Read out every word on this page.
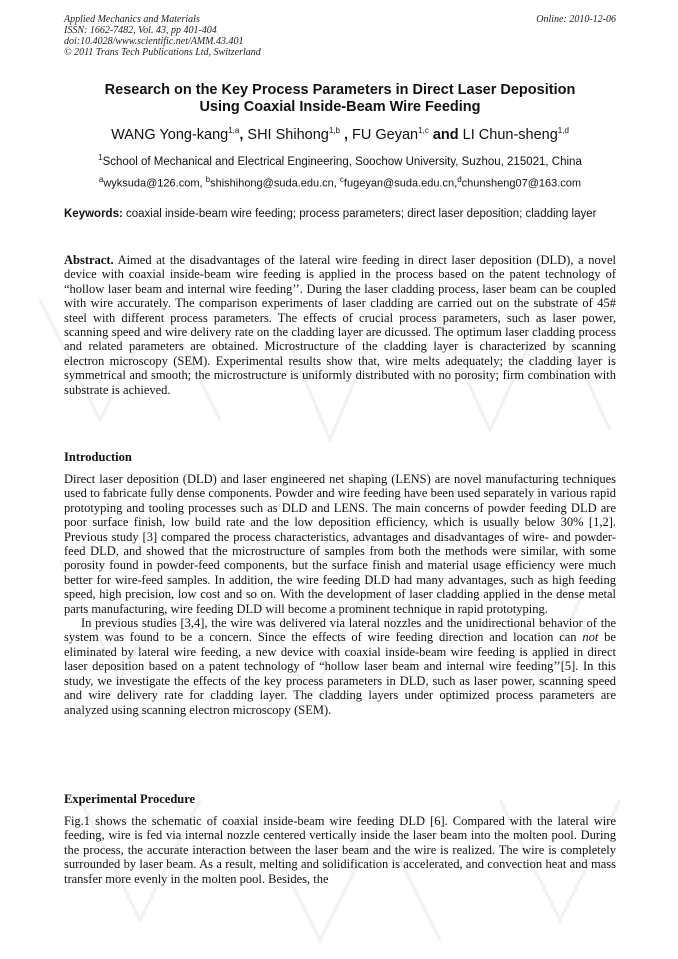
Applied Mechanics and Materials
ISSN: 1662-7482, Vol. 43, pp 401-404
doi:10.4028/www.scientific.net/AMM.43.401
© 2011 Trans Tech Publications Ltd, Switzerland
Online: 2010-12-06
Research on the Key Process Parameters in Direct Laser Deposition
Using Coaxial Inside-Beam Wire Feeding
WANG Yong-kang$^{1,a}$, SHI Shihong$^{1,b}$ , FU Geyan$^{1,c}$ and LI Chun-sheng$^{1,d}$
$^1$School of Mechanical and Electrical Engineering, Soochow University, Suzhou, 215021, China
$^a$wyksuda@126.com, $^b$shishihong@suda.edu.cn, $^c$fugeyan@suda.edu.cn,$^d$chunsheng07@163.com
Keywords: coaxial inside-beam wire feeding; process parameters; direct laser deposition; cladding layer
Abstract. Aimed at the disadvantages of the lateral wire feeding in direct laser deposition (DLD), a novel device with coaxial inside-beam wire feeding is applied in the process based on the patent technology of “hollow laser beam and internal wire feeding’’. During the laser cladding process, laser beam can be coupled with wire accurately. The comparison experiments of laser cladding are carried out on the substrate of 45# steel with different process parameters. The effects of crucial process parameters, such as laser power, scanning speed and wire delivery rate on the cladding layer are dicussed. The optimum laser cladding process and related parameters are obtained. Microstructure of the cladding layer is characterized by scanning electron microscopy (SEM). Experimental results show that, wire melts adequately; the cladding layer is symmetrical and smooth; the microstructure is uniformly distributed with no porosity; firm combination with substrate is achieved.
Introduction

Direct laser deposition (DLD) and laser engineered net shaping (LENS) are novel manufacturing techniques used to fabricate fully dense components. Powder and wire feeding have been used separately in various rapid prototyping and tooling processes such as DLD and LENS. The main concerns of powder feeding DLD are poor surface finish, low build rate and the low deposition efficiency, which is usually below 30% [1,2]. Previous study [3] compared the process characteristics, advantages and disadvantages of wire- and powder-feed DLD, and showed that the microstructure of samples from both the methods were similar, with some porosity found in powder-feed components, but the surface finish and material usage efficiency were much better for wire-feed samples. In addition, the wire feeding DLD had many advantages, such as high feeding speed, high precision, low cost and so on. With the development of laser cladding applied in the dense metal parts manufacturing, wire feeding DLD will become a prominent technique in rapid prototyping.

In previous studies [3,4], the wire was delivered via lateral nozzles and the unidirectional behavior of the system was found to be a concern. Since the effects of wire feeding direction and location can not be eliminated by lateral wire feeding, a new device with coaxial inside-beam wire feeding is applied in direct laser deposition based on a patent technology of “hollow laser beam and internal wire feeding’’[5]. In this study, we investigate the effects of the key process parameters in DLD, such as laser power, scanning speed and wire delivery rate for cladding layer. The cladding layers under optimized process parameters are analyzed using scanning electron microscopy (SEM).

Experimental Procedure

Fig.1 shows the schematic of coaxial inside-beam wire feeding DLD [6]. Compared with the lateral wire feeding, wire is fed via internal nozzle centered vertically inside the laser beam into the molten pool. During the process, the accurate interaction between the laser beam and the wire is realized. The wire is completely surrounded by laser beam. As a result, melting and solidification is accelerated, and convection heat and mass transfer more evenly in the molten pool. Besides, the
